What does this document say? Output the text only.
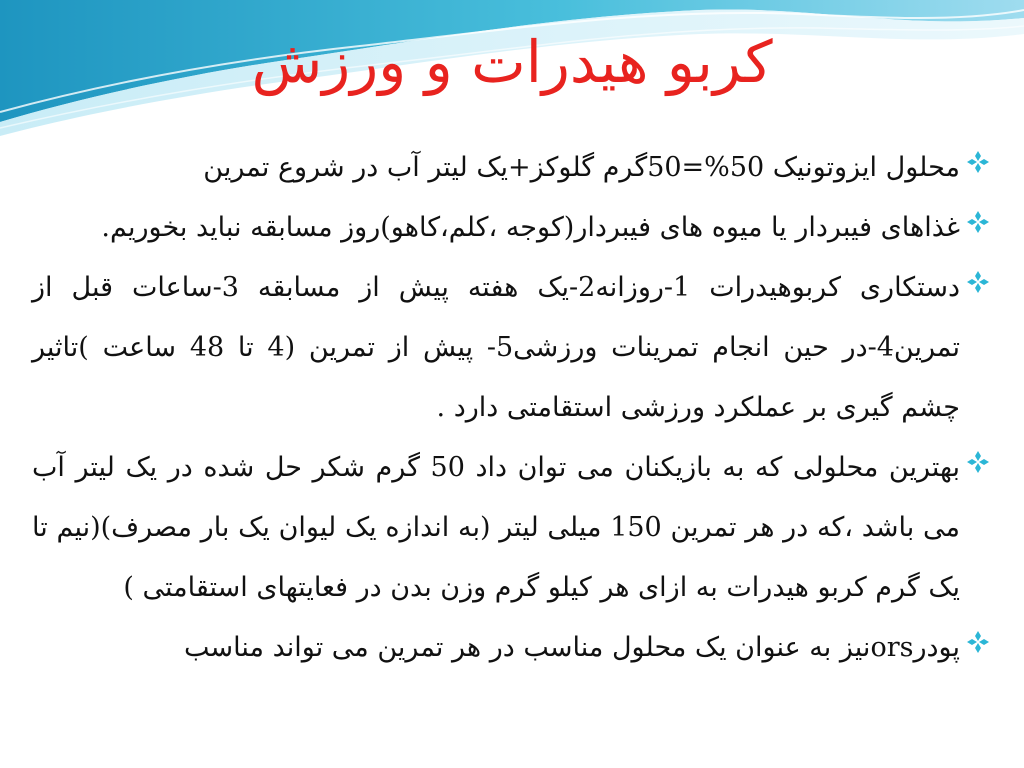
کربو هیدرات و ورزش

محلول ایزوتونیک 50%=50گرم گلوکز+یک لیتر آب در شروع تمرین

غذاهای فیبردار یا میوه های فیبردار(کوجه ،کلم،کاهو)روز مسابقه نباید بخوریم.

دستکاری کربوهیدرات 1-روزانه2-یک هفته پیش از مسابقه 3-ساعات قبل از تمرین4-در حین انجام تمرینات ورزشی5- پیش از تمرین (4 تا 48 ساعت )تاثیر چشم گیری بر عملکرد ورزشی استقامتی دارد .

بهترین محلولی که به بازیکنان می توان داد 50 گرم شکر حل شده در یک لیتر آب می باشد ،که در هر تمرین 150 میلی لیتر (به اندازه یک لیوان یک بار مصرف)(نیم تا یک گرم کربو هیدرات به ازای هر کیلو گرم وزن بدن در فعایتهای استقامتی )

پودرorsنیز به عنوان یک محلول مناسب در هر تمرین می تواند مناسب
